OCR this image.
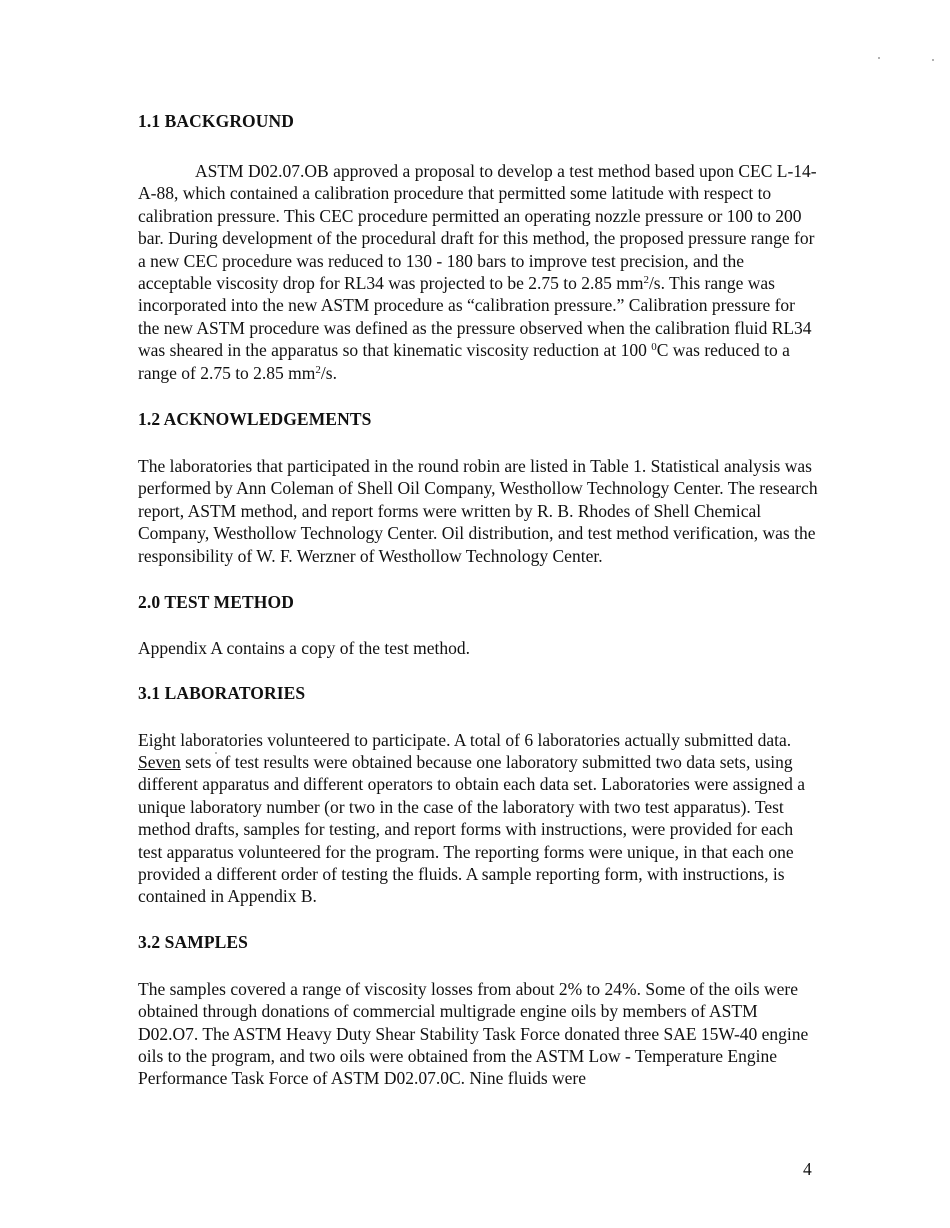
1.1 BACKGROUND

ASTM D02.07.OB approved a proposal to develop a test method based upon CEC L-14-A-88, which contained a calibration procedure that permitted some latitude with respect to calibration pressure. This CEC procedure permitted an operating nozzle pressure or 100 to 200 bar. During development of the procedural draft for this method, the proposed pressure range for a new CEC procedure was reduced to 130 - 180 bars to improve test precision, and the acceptable viscosity drop for RL34 was projected to be 2.75 to 2.85 $mm^2/s$. This range was incorporated into the new ASTM procedure as “calibration pressure.” Calibration pressure for the new ASTM procedure was defined as the pressure observed when the calibration fluid RL34 was sheared in the apparatus so that kinematic viscosity reduction at 100 $^0$C was reduced to a range of 2.75 to 2.85 $mm^2/s$.

1.2 ACKNOWLEDGEMENTS

The laboratories that participated in the round robin are listed in Table 1. Statistical analysis was performed by Ann Coleman of Shell Oil Company, Westhollow Technology Center. The research report, ASTM method, and report forms were written by R. B. Rhodes of Shell Chemical Company, Westhollow Technology Center. Oil distribution, and test method verification, was the responsibility of W. F. Werzner of Westhollow Technology Center.

2.0 TEST METHOD

Appendix A contains a copy of the test method.

3.1 LABORATORIES

Eight laboratories volunteered to participate. A total of 6 laboratories actually submitted data. Seven sets of test results were obtained because one laboratory submitted two data sets, using different apparatus and different operators to obtain each data set. Laboratories were assigned a unique laboratory number (or two in the case of the laboratory with two test apparatus). Test method drafts, samples for testing, and report forms with instructions, were provided for each test apparatus volunteered for the program. The reporting forms were unique, in that each one provided a different order of testing the fluids. A sample reporting form, with instructions, is contained in Appendix B.

3.2 SAMPLES

The samples covered a range of viscosity losses from about 2% to 24%. Some of the oils were obtained through donations of commercial multigrade engine oils by members of ASTM D02.O7. The ASTM Heavy Duty Shear Stability Task Force donated three SAE 15W-40 engine oils to the program, and two oils were obtained from the ASTM Low - Temperature Engine Performance Task Force of ASTM D02.07.0C. Nine fluids were

4
